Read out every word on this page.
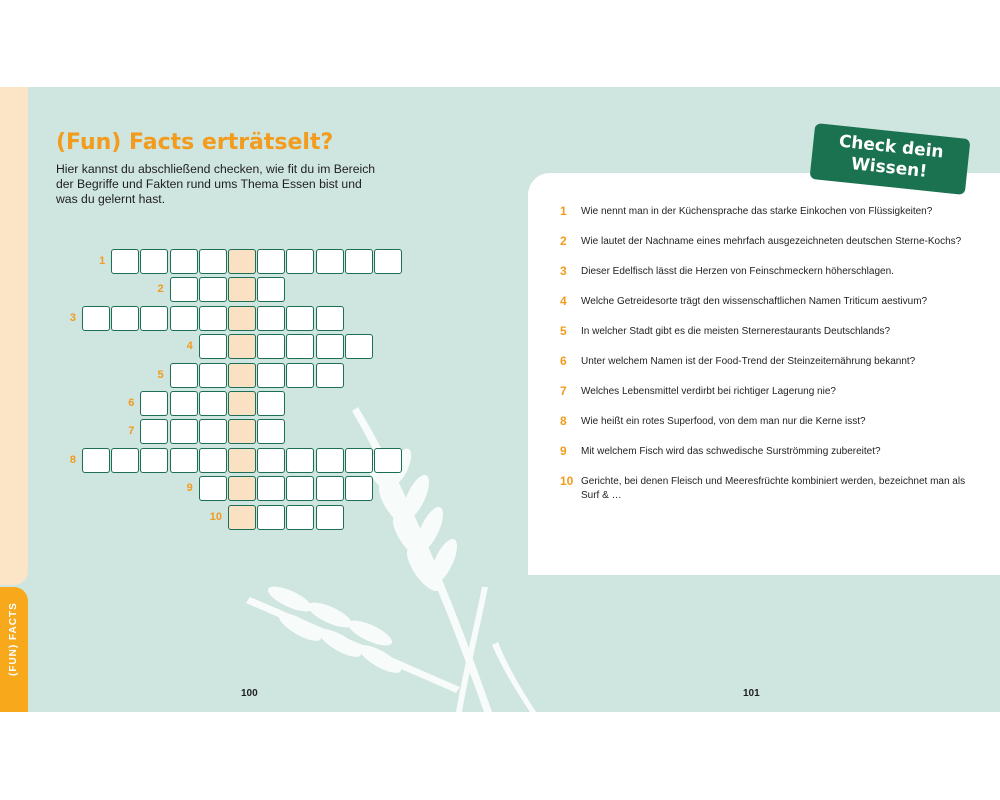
(FUN) FACTS
(Fun) Facts erträtselt?
Hier kannst du abschließend checken, wie fit du im Bereich der Begriffe und Fakten rund ums Thema Essen bist und was du gelernt hast.
1
2
3
4
5
6
7
8
9
10
Check dein Wissen!
1 Wie nennt man in der Küchensprache das starke Einkochen von Flüssigkeiten?
2 Wie lautet der Nachname eines mehrfach ausgezeichneten deutschen Sterne-Kochs?
3 Dieser Edelfisch lässt die Herzen von Feinschmeckern höherschlagen.
4 Welche Getreidesorte trägt den wissenschaftlichen Namen Triticum aestivum?
5 In welcher Stadt gibt es die meisten Sternerestaurants Deutschlands?
6 Unter welchem Namen ist der Food-Trend der Steinzeiternährung bekannt?
7 Welches Lebensmittel verdirbt bei richtiger Lagerung nie?
8 Wie heißt ein rotes Superfood, von dem man nur die Kerne isst?
9 Mit welchem Fisch wird das schwedische Surströmming zubereitet?
10 Gerichte, bei denen Fleisch und Meeresfrüchte kombiniert werden, bezeichnet man als Surf & …
100	101
